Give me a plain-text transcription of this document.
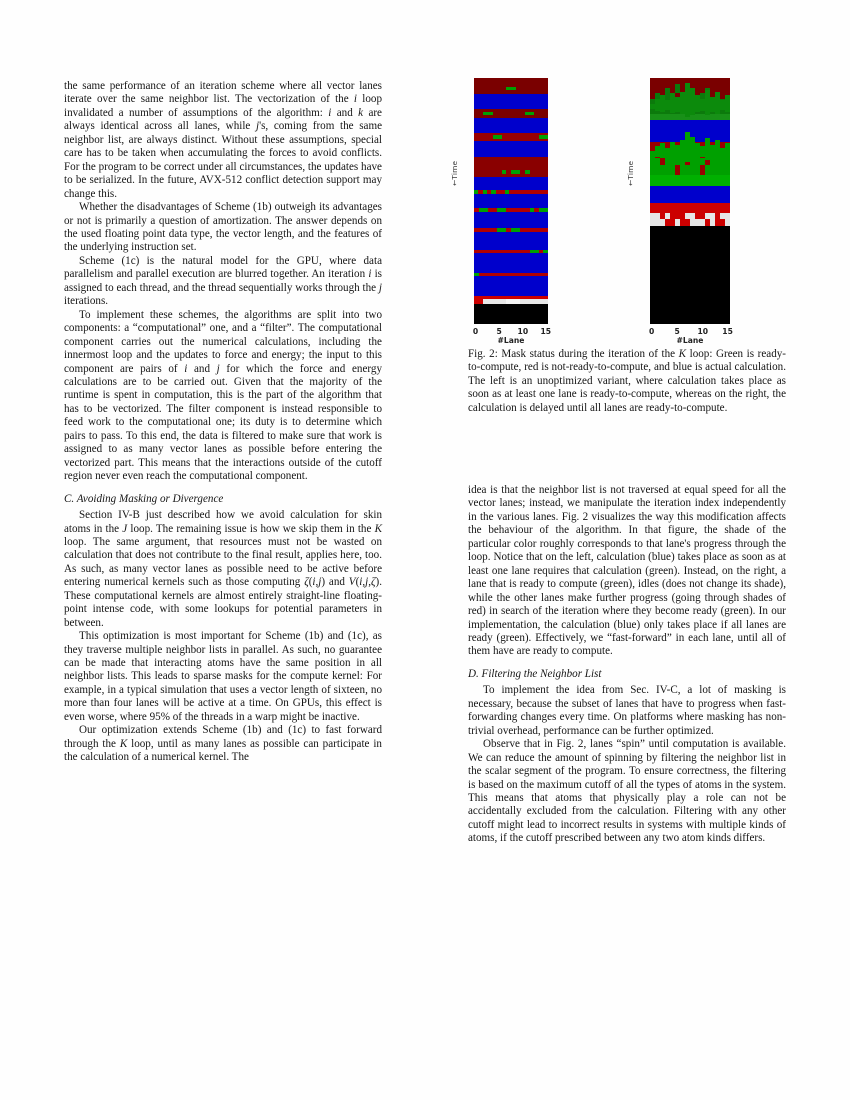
the same performance of an iteration scheme where all vector lanes iterate over the same neighbor list. The vectorization of the i loop invalidated a number of assumptions of the algorithm: i and k are always identical across all lanes, while j's, coming from the same neighbor list, are always distinct. Without these assumptions, special care has to be taken when accumulating the forces to avoid conflicts. For the program to be correct under all circumstances, the updates have to be serialized. In the future, AVX-512 conflict detection support may change this.

Whether the disadvantages of Scheme (1b) outweigh its advantages or not is primarily a question of amortization. The answer depends on the used floating point data type, the vector length, and the features of the underlying instruction set.

Scheme (1c) is the natural model for the GPU, where data parallelism and parallel execution are blurred together. An iteration i is assigned to each thread, and the thread sequentially works through the j iterations.

To implement these schemes, the algorithms are split into two components: a “computational” one, and a “filter”. The computational component carries out the numerical calculations, including the innermost loop and the updates to force and energy; the input to this component are pairs of i and j for which the force and energy calculations are to be carried out. Given that the majority of the runtime is spent in computation, this is the part of the algorithm that has to be vectorized. The filter component is instead responsible to feed work to the computational one; its duty is to determine which pairs to pass. To this end, the data is filtered to make sure that work is assigned to as many vector lanes as possible before entering the vectorized part. This means that the interactions outside of the cutoff region never even reach the computational component.

C. Avoiding Masking or Divergence

Section IV-B just described how we avoid calculation for skin atoms in the J loop. The remaining issue is how we skip them in the K loop. The same argument, that resources must not be wasted on calculation that does not contribute to the final result, applies here, too. As such, as many vector lanes as possible need to be active before entering numerical kernels such as those computing ζ(i,j) and V(i,j,ζ). These computational kernels are almost entirely straight-line floating-point intense code, with some lookups for potential parameters in between.

This optimization is most important for Scheme (1b) and (1c), as they traverse multiple neighbor lists in parallel. As such, no guarantee can be made that interacting atoms have the same position in all neighbor lists. This leads to sparse masks for the compute kernel: For example, in a typical simulation that uses a vector length of sixteen, no more than four lanes will be active at a time. On GPUs, this effect is even worse, where 95% of the threads in a warp might be inactive.

Our optimization extends Scheme (1b) and (1c) to fast forward through the K loop, until as many lanes as possible can participate in the calculation of a numerical kernel. The

←Time
0 5 10 15
#Lane
←Time
0	5 10 15
#Lane
Fig. 2: Mask status during the iteration of the K loop: Green is ready-to-compute, red is not-ready-to-compute, and blue is actual calculation. The left is an unoptimized variant, where calculation takes place as soon as at least one lane is ready-to-compute, whereas on the right, the calculation is delayed until all lanes are ready-to-compute.

idea is that the neighbor list is not traversed at equal speed for all the vector lanes; instead, we manipulate the iteration index independently in the various lanes. Fig. 2 visualizes the way this modification affects the behaviour of the algorithm. In that figure, the shade of the particular color roughly corresponds to that lane's progress through the loop. Notice that on the left, calculation (blue) takes place as soon as at least one lane requires that calculation (green). Instead, on the right, a lane that is ready to compute (green), idles (does not change its shade), while the other lanes make further progress (going through shades of red) in search of the iteration where they become ready (green). In our implementation, the calculation (blue) only takes place if all lanes are ready (green). Effectively, we “fast-forward” in each lane, until all of them have are ready to compute.

D. Filtering the Neighbor List

To implement the idea from Sec. IV-C, a lot of masking is necessary, because the subset of lanes that have to progress when fast-forwarding changes every time. On platforms where masking has non-trivial overhead, performance can be further optimized.

Observe that in Fig. 2, lanes “spin” until computation is available. We can reduce the amount of spinning by filtering the neighbor list in the scalar segment of the program. To ensure correctness, the filtering is based on the maximum cutoff of all the types of atoms in the system. This means that atoms that physically play a role can not be accidentally excluded from the calculation. Filtering with any other cutoff might lead to incorrect results in systems with multiple kinds of atoms, if the cutoff prescribed between any two atom kinds differs.
